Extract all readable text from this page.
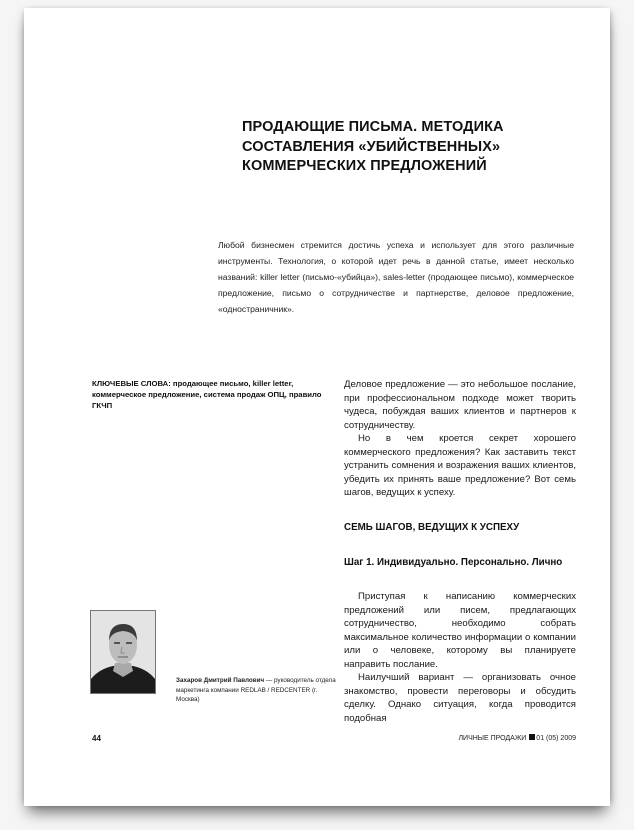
ПРОДАЮЩИЕ ПИСЬМА. МЕТОДИКА
СОСТАВЛЕНИЯ «УБИЙСТВЕННЫХ»
КОММЕРЧЕСКИХ ПРЕДЛОЖЕНИЙ
Любой бизнесмен стремится достичь успеха и использует для этого различные инструменты. Технология, о которой идет речь в данной статье, имеет несколько названий: killer letter (письмо-«убийца»), sales-letter (продающее письмо), коммерческое предложение, письмо о сотрудничестве и партнерстве, деловое предложение, «одностраничник».
КЛЮЧЕВЫЕ СЛОВА: продающее письмо, killer letter, коммерческое предложение, система продаж ОПЦ, правило ГКЧП

Деловое предложение — это небольшое послание, при профессиональном подходе может творить чудеса, побуждая ваших клиентов и партнеров к сотрудничеству.

Но в чем кроется секрет хорошего коммерческого предложения? Как заставить текст устранить сомнения и возражения ваших клиентов, убедить их принять ваше предложение? Вот семь шагов, ведущих к успеху.

СЕМЬ ШАГОВ, ВЕДУЩИХ К УСПЕХУ
Шаг 1. Индивидуально. Персонально. Лично

Приступая к написанию коммерческих предложений или писем, предлагающих сотрудничество, необходимо собрать максимальное количество информации о компании или о человеке, которому вы планируете направить послание.

Наилучший вариант — организовать очное знакомство, провести переговоры и обсудить сделку. Однако ситуация, когда проводится подобная

Захаров Дмитрий Павлович — руководитель отдела маркетинга компании REDLAB / REDCENTER (г. Москва)
44	ЛИЧНЫЕ ПРОДАЖИ 01 (05) 2009
